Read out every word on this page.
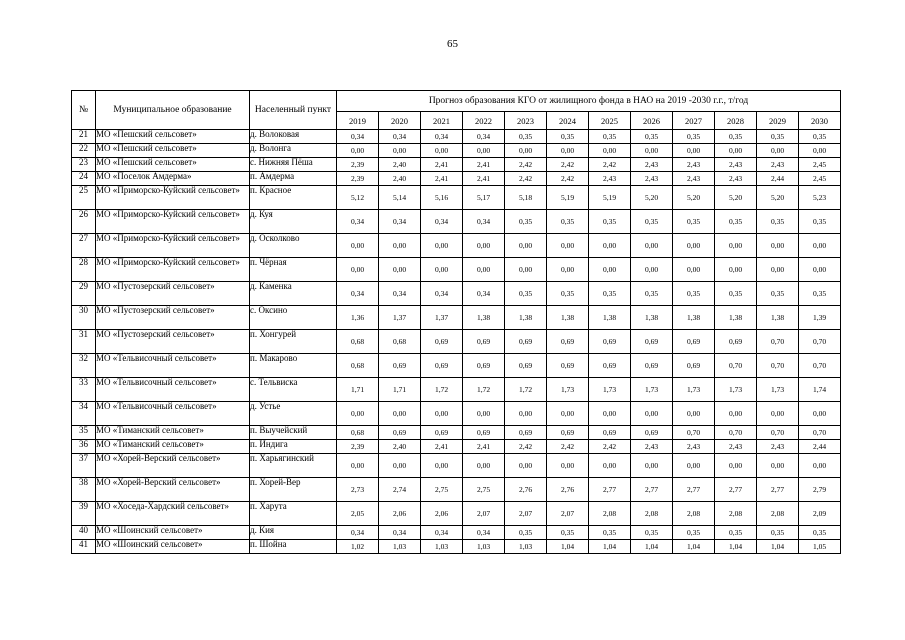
65
№	Муниципальное образование	Населенный пункт	Прогноз образования КГО от жилищного фонда в НАО на 2019 -2030 г.г., т/год											
			2019	2020	2021	2022	2023	2024	2025	2026	2027	2028	2029	2030
21	МО «Пешский сельсовет»	д. Волоковая	0,34	0,34	0,34	0,34	0,35	0,35	0,35	0,35	0,35	0,35	0,35	0,35
22	МО «Пешский сельсовет»	д. Волонга	0,00	0,00	0,00	0,00	0,00	0,00	0,00	0,00	0,00	0,00	0,00	0,00
23	МО «Пешский сельсовет»	с. Нижняя Пёша	2,39	2,40	2,41	2,41	2,42	2,42	2,42	2,43	2,43	2,43	2,43	2,45
24	МО «Поселок Амдерма»	п. Амдерма	2,39	2,40	2,41	2,41	2,42	2,42	2,43	2,43	2,43	2,43	2,44	2,45
25	МО «Приморско-Куйский сельсовет»	п. Красное	5,12	5,14	5,16	5,17	5,18	5,19	5,19	5,20	5,20	5,20	5,20	5,23
26	МО «Приморско-Куйский сельсовет»	д. Куя	0,34	0,34	0,34	0,34	0,35	0,35	0,35	0,35	0,35	0,35	0,35	0,35
27	МО «Приморско-Куйский сельсовет»	д. Осколково	0,00	0,00	0,00	0,00	0,00	0,00	0,00	0,00	0,00	0,00	0,00	0,00
28	МО «Приморско-Куйский сельсовет»	п. Чёрная	0,00	0,00	0,00	0,00	0,00	0,00	0,00	0,00	0,00	0,00	0,00	0,00
29	МО «Пустозерский сельсовет»	д. Каменка	0,34	0,34	0,34	0,34	0,35	0,35	0,35	0,35	0,35	0,35	0,35	0,35
30	МО «Пустозерский сельсовет»	с. Оксино	1,36	1,37	1,37	1,38	1,38	1,38	1,38	1,38	1,38	1,38	1,38	1,39
31	МО «Пустозерский сельсовет»	п. Хонгурей	0,68	0,68	0,69	0,69	0,69	0,69	0,69	0,69	0,69	0,69	0,70	0,70
32	МО «Тельвисочный сельсовет»	п. Макарово	0,68	0,69	0,69	0,69	0,69	0,69	0,69	0,69	0,69	0,70	0,70	0,70
33	МО «Тельвисочный сельсовет»	с. Тельвиска	1,71	1,71	1,72	1,72	1,72	1,73	1,73	1,73	1,73	1,73	1,73	1,74
34	МО «Тельвисочный сельсовет»	д. Устье	0,00	0,00	0,00	0,00	0,00	0,00	0,00	0,00	0,00	0,00	0,00	0,00
35	МО «Тиманский сельсовет»	п. Выучейский	0,68	0,69	0,69	0,69	0,69	0,69	0,69	0,69	0,70	0,70	0,70	0,70
36	МО «Тиманский сельсовет»	п. Индига	2,39	2,40	2,41	2,41	2,42	2,42	2,42	2,43	2,43	2,43	2,43	2,44
37	МО «Хорей-Верский сельсовет»	п. Харьягинский	0,00	0,00	0,00	0,00	0,00	0,00	0,00	0,00	0,00	0,00	0,00	0,00
38	МО «Хорей-Верский сельсовет»	п. Хорей-Вер	2,73	2,74	2,75	2,75	2,76	2,76	2,77	2,77	2,77	2,77	2,77	2,79
39	МО «Хоседа-Хардский сельсовет»	п. Харута	2,05	2,06	2,06	2,07	2,07	2,07	2,08	2,08	2,08	2,08	2,08	2,09
40	МО «Шоинский сельсовет»	д. Кия	0,34	0,34	0,34	0,34	0,35	0,35	0,35	0,35	0,35	0,35	0,35	0,35
41	МО «Шоинский сельсовет»	п. Шойна	1,02	1,03	1,03	1,03	1,03	1,04	1,04	1,04	1,04	1,04	1,04	1,05
